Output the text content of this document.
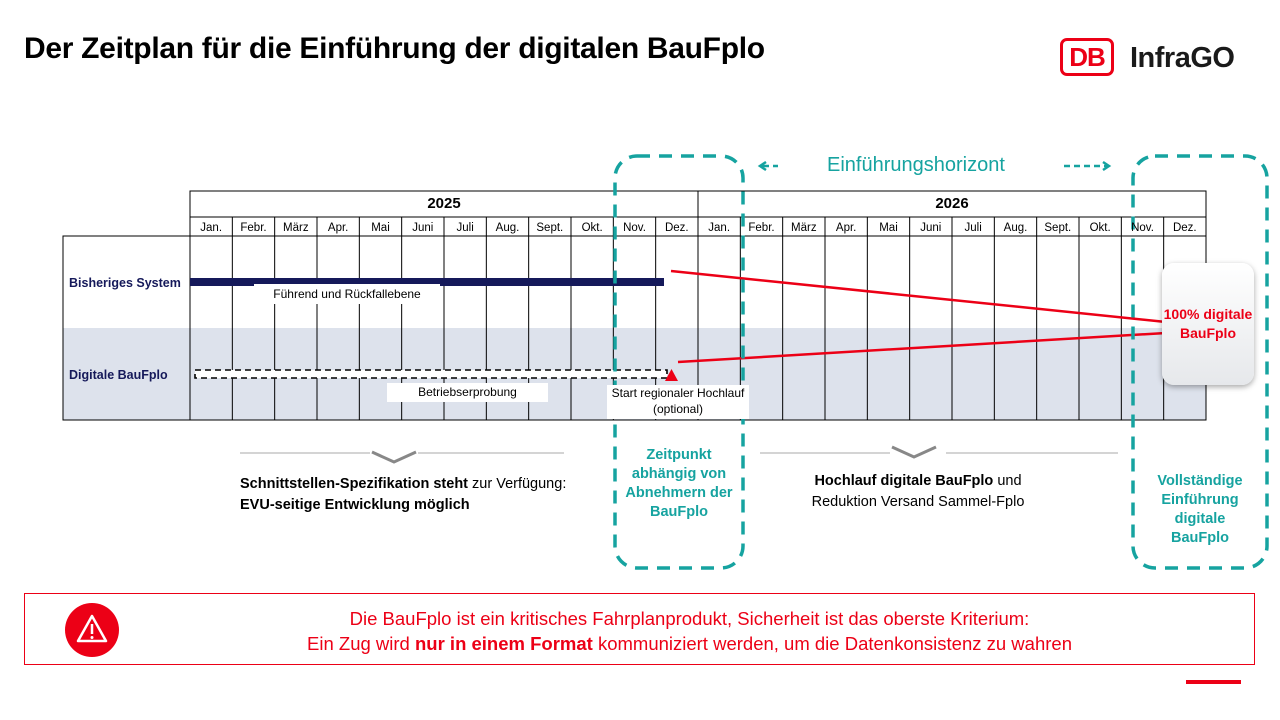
Der Zeitplan für die Einführung der digitalen BauFplo	DB InfraGO
Einführungshorizont
2025	2026
Jan.	Febr.	März	Apr.	Mai	Juni	Juli	Aug.	Sept.	Okt.	Nov.	Dez.	Jan.	Febr.	März	Apr.	Mai	Juni	Juli	Aug.	Sept.	Okt.	Nov.	Dez.
Bisheriges System
Digitale BauFplo
Führend und Rückfallebene
Betriebserprobung	Start regionaler Hochlauf (optional)
100% digitale BauFplo
Schnittstellen-Spezifikation steht zur Verfügung: EVU-seitige Entwicklung möglich
Zeitpunkt abhängig von Abnehmern der BauFplo
Hochlauf digitale BauFplo und Reduktion Versand Sammel-Fplo
Vollständige Einführung digitale BauFplo
Die BauFplo ist ein kritisches Fahrplanprodukt, Sicherheit ist das oberste Kriterium:
Ein Zug wird nur in einem Format kommuniziert werden, um die Datenkonsistenz zu wahren
